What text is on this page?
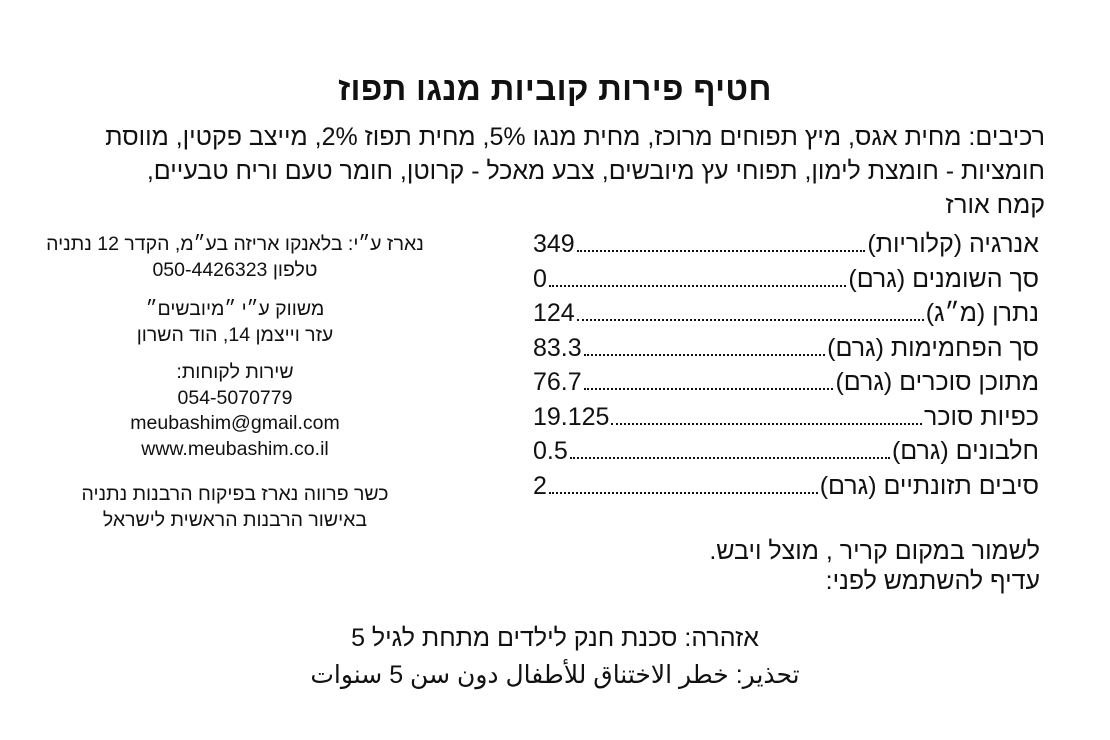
חטיף פירות קוביות מנגו תפוז
רכיבים: מחית אגס, מיץ תפוחים מרוכז, מחית מנגו 5%, מחית תפוז 2%, מייצב פקטין, מווסת
חומציות - חומצת לימון, תפוחי עץ מיובשים, צבע מאכל - קרוטן, חומר טעם וריח טבעיים,
קמח אורז
אנרגיה (קלוריות)
349
סך השומנים (גרם)
0
נתרן (מ״ג)
124
סך הפחמימות (גרם)
83.3
מתוכן סוכרים (גרם)
76.7
כפיות סוכר
19.125
חלבונים (גרם)
0.5
סיבים תזונתיים (גרם)
2
לשמור במקום קריר , מוצל ויבש.
עדיף להשתמש לפני:
נארז ע״י: בלאנקו אריזה בע״מ, הקדר 12 נתניה
טלפון 050-4426323
משווק ע״י ״מיובשים״
עזר וייצמן 14, הוד השרון
שירות לקוחות:
054-5070779
meubashim@gmail.com
www.meubashim.co.il
כשר פרווה נארז בפיקוח הרבנות נתניה
באישור הרבנות הראשית לישראל
אזהרה: סכנת חנק לילדים מתחת לגיל 5
تحذير: خطر الاختناق للأطفال دون سن 5 سنوات
